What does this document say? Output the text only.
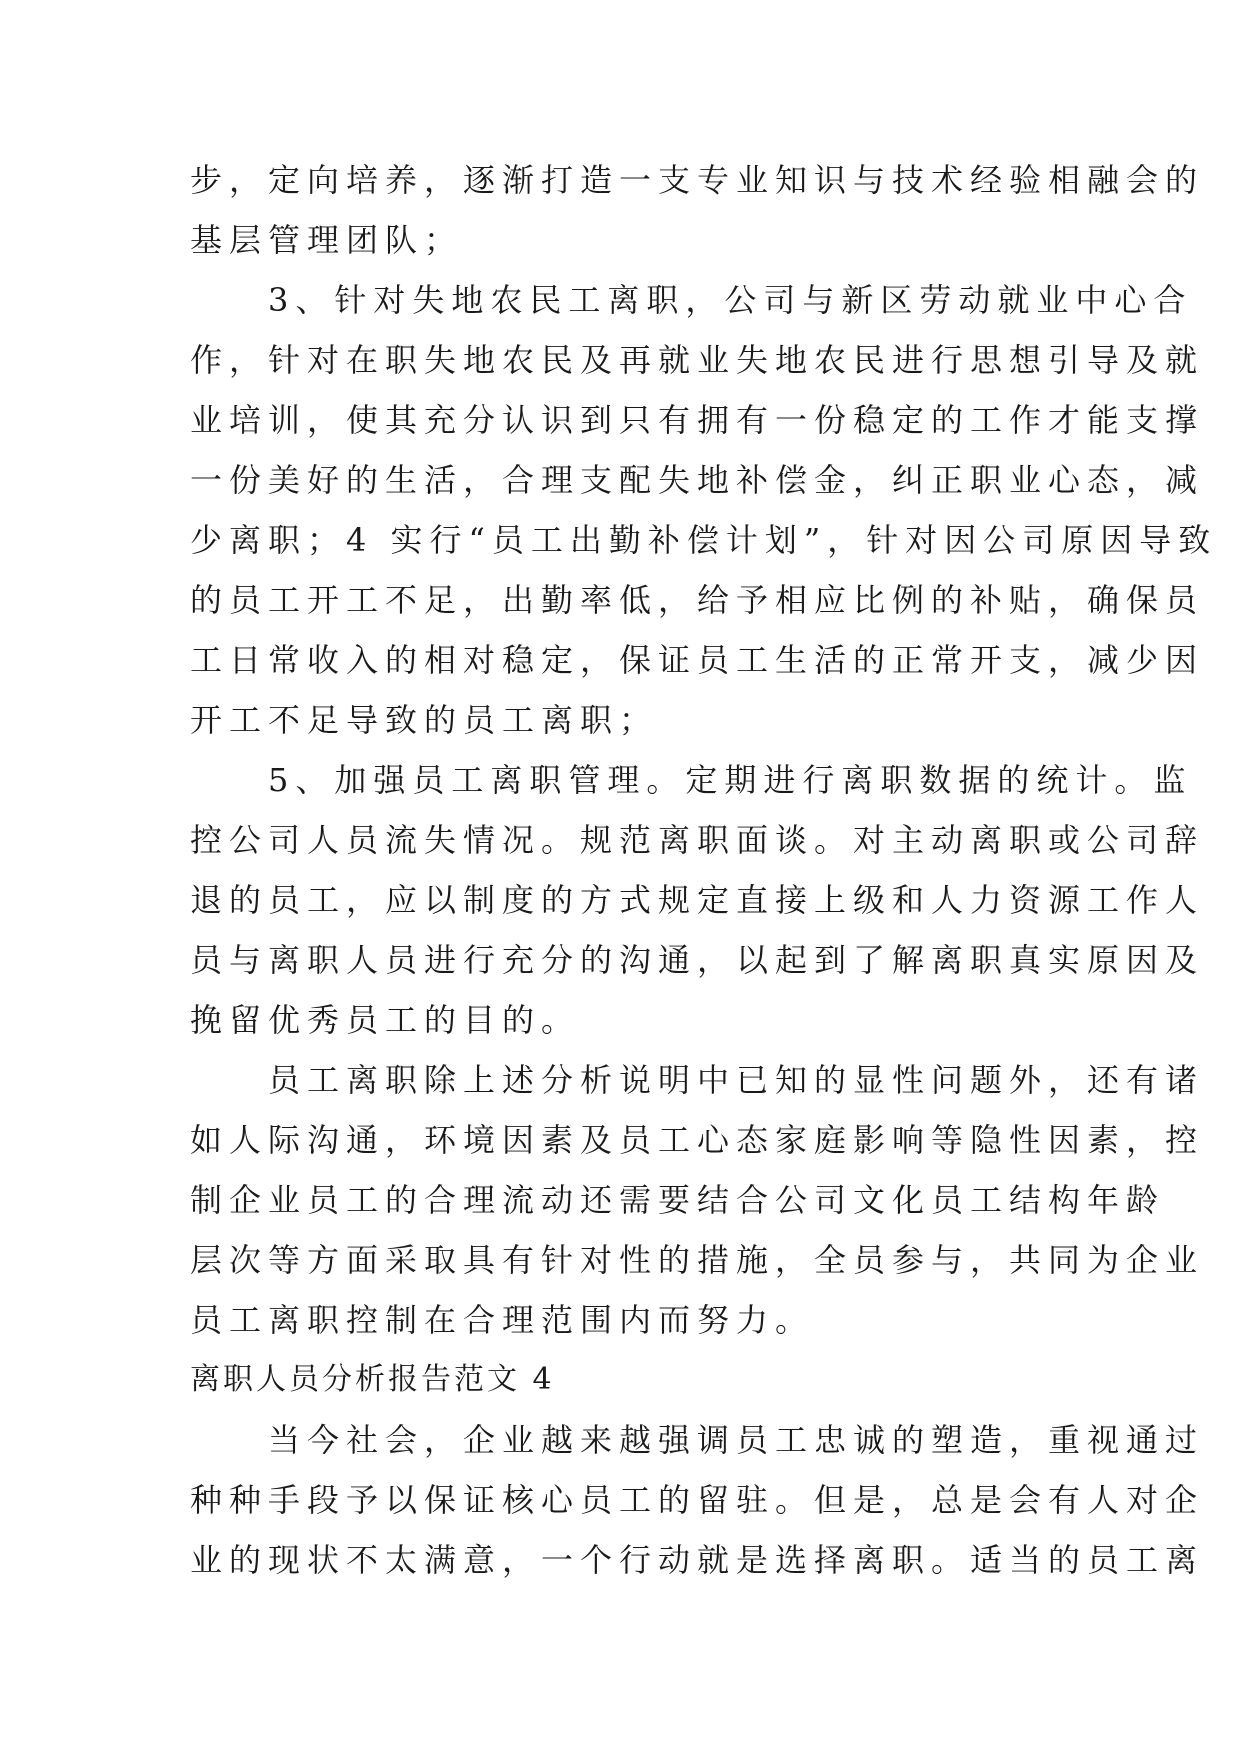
步，定向培养，逐渐打造一支专业知识与技术经验相融会的
基层管理团队；
　　3、针对失地农民工离职，公司与新区劳动就业中心合
作，针对在职失地农民及再就业失地农民进行思想引导及就
业培训，使其充分认识到只有拥有一份稳定的工作才能支撑
一份美好的生活，合理支配失地补偿金，纠正职业心态，减
少离职；4 实行“员工出勤补偿计划”，针对因公司原因导致
的员工开工不足，出勤率低，给予相应比例的补贴，确保员
工日常收入的相对稳定，保证员工生活的正常开支，减少因
开工不足导致的员工离职；
　　5、加强员工离职管理。定期进行离职数据的统计。监
控公司人员流失情况。规范离职面谈。对主动离职或公司辞
退的员工，应以制度的方式规定直接上级和人力资源工作人
员与离职人员进行充分的沟通，以起到了解离职真实原因及
挽留优秀员工的目的。
　　员工离职除上述分析说明中已知的显性问题外，还有诸
如人际沟通，环境因素及员工心态家庭影响等隐性因素，控
制企业员工的合理流动还需要结合公司文化员工结构年龄
层次等方面采取具有针对性的措施，全员参与，共同为企业
员工离职控制在合理范围内而努力。
离职人员分析报告范文 4
　　当今社会，企业越来越强调员工忠诚的塑造，重视通过
种种手段予以保证核心员工的留驻。但是，总是会有人对企
业的现状不太满意，一个行动就是选择离职。适当的员工离
